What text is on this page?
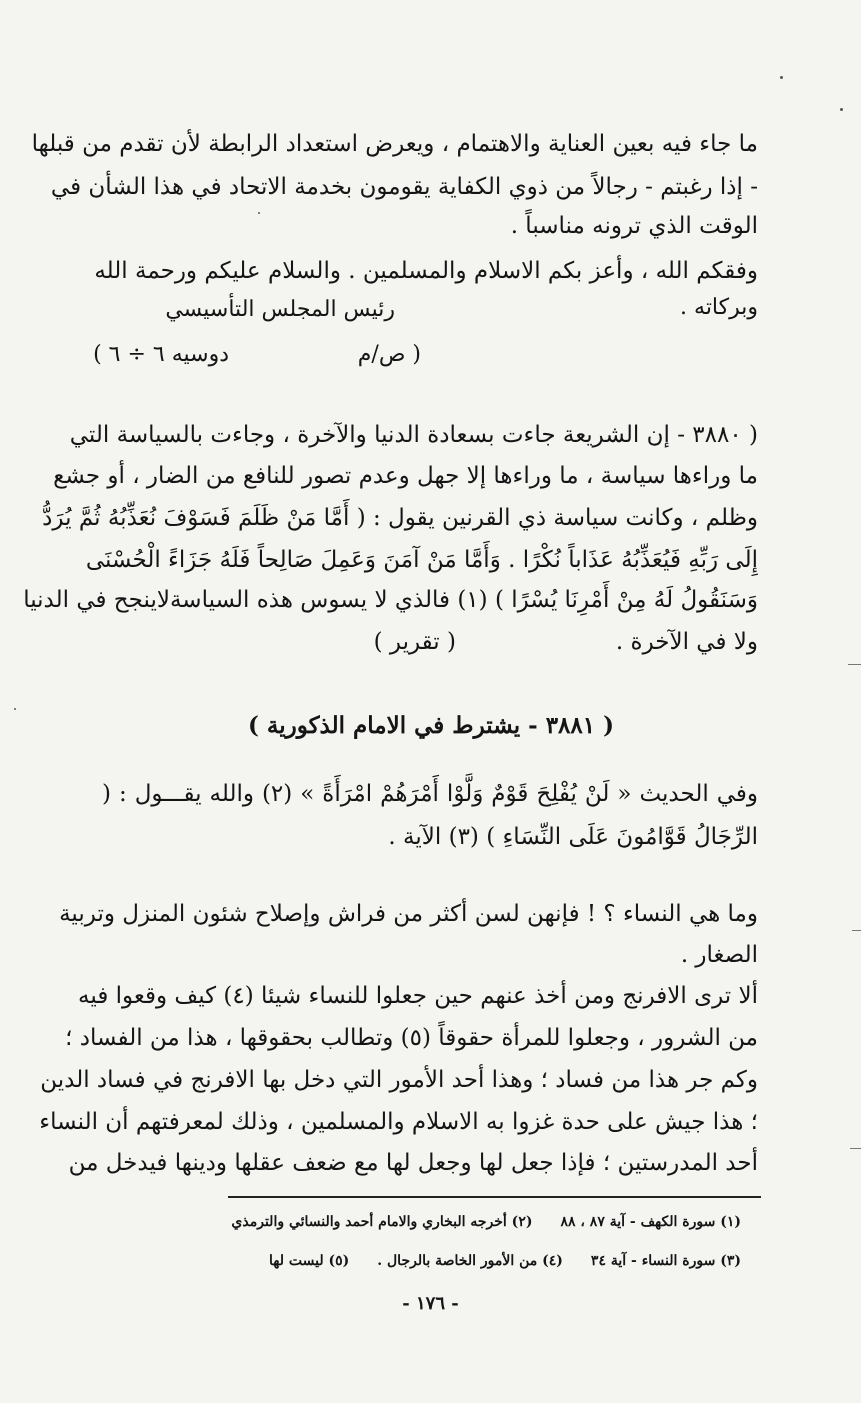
ما جاء فيه بعين العناية والاهتمام ، ويعرض استعداد الرابطة لأن تقدم من قبلها
- إذا رغبتم - رجالاً من ذوي الكفاية يقومون بخدمة الاتحاد في هذا الشأن في
الوقت الذي ترونه مناسباً .
وفقكم الله ، وأعز بكم الاسلام والمسلمين . والسلام عليكم ورحمة الله
وبركاته .
رئيس المجلس التأسيسي
( ص/م
دوسيه ٦ ÷ ٦ )
( ٣٨٨٠ - إن الشريعة جاءت بسعادة الدنيا والآخرة ، وجاءت بالسياسة التي
ما وراءها سياسة ، ما وراءها إلا جهل وعدم تصور للنافع من الضار ، أو جشع
وظلم ، وكانت سياسة ذي القرنين يقول : ( أَمَّا مَنْ ظَلَمَ فَسَوْفَ نُعَذِّبُهُ ثُمَّ يُرَدُّ
إِلَى رَبِّهِ فَيُعَذِّبُهُ عَذَاباً نُكْرًا . وَأَمَّا مَنْ آمَنَ وَعَمِلَ صَالِحاً فَلَهُ جَزَاءً الْحُسْنَى
وَسَنَقُولُ لَهُ مِنْ أَمْرِنَا يُسْرًا ) (١) فالذي لا يسوس هذه السياسةلاينجح في الدنيا
ولا في الآخرة .
( تقرير )
( ٣٨٨١ - يشترط في الامام الذكورية )
وفي الحديث « لَنْ يُفْلِحَ قَوْمٌ وَلَّوْا أَمْرَهُمْ امْرَأَةً » (٢) والله يقـــول : (
الرِّجَالُ قَوَّامُونَ عَلَى النِّسَاءِ ) (٣) الآية .
وما هي النساء ؟ ! فإنهن لسن أكثر من فراش وإصلاح شئون المنزل وتربية
الصغار .
ألا ترى الافرنج ومن أخذ عنهم حين جعلوا للنساء شيئا (٤) كيف وقعوا فيه
من الشرور ، وجعلوا للمرأة حقوقاً (٥) وتطالب بحقوقها ، هذا من الفساد ؛
وكم جر هذا من فساد ؛ وهذا أحد الأمور التي دخل بها الافرنج في فساد الدين
؛ هذا جيش على حدة غزوا به الاسلام والمسلمين ، وذلك لمعرفتهم أن النساء
أحد المدرستين ؛ فإذا جعل لها وجعل لها مع ضعف عقلها ودينها فيدخل من
(١) سورة الكهف - آية ٨٧ ، ٨٨(٢) أخرجه البخاري والامام أحمد والنسائي والترمذي
(٣) سورة النساء - آية ٣٤(٤) من الأمور الخاصة بالرجال .(٥) ليست لها
- ١٧٦ -
